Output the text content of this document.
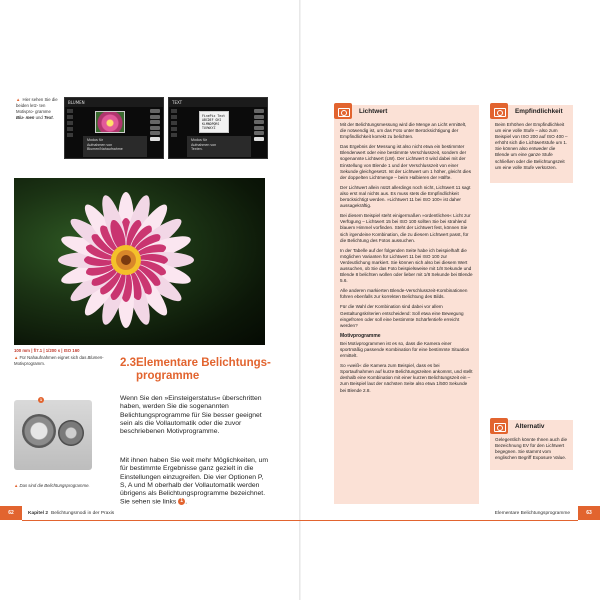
▲ Hier sehen Sie die beiden letz- ten Motivpro- gramme Blu- men und Text.
BLUMEN
Modus für
Aufnahmen von
Blumen/Nahaufnahme
TEXT
FinePix Text
ABCDEF GHI
KLMNOPQRS
TUVWXYZ
Modus für
Aufnahmen von
Texten.
100 mm | f/7.1 | 1/200 s | ISO 160
▲ Für Nahaufnahmen eignet sich das Blumen-Motivprogramm.
1
▲ Das sind die Belichtungsprogramme.
2.3 Elementare Belichtungs- programme
Wenn Sie den »Einsteigerstatus« überschritten haben, werden Sie die sogenannten Belichtungsprogramme für Sie besser geeignet sein als die Vollautomatik oder die zuvor beschriebenen Motivprogramme.
Mit ihnen haben Sie weit mehr Möglichkeiten, um für bestimmte Ergebnisse ganz gezielt in die Einstellungen einzugreifen. Die vier Optionen P, S, A und M oberhalb der Vollautomatik werden übrigens als Belichtungsprogramme bezeichnet. Sie sehen sie links 1 .
62	Kapitel 2 Belichtungsmodi in der Praxis
Lichtwert

Mit der Belichtungsmessung wird die Menge an Licht ermittelt, die notwendig ist, um das Foto unter Berücksichtigung der Empfindlichkeit korrekt zu belichten.

Das Ergebnis der Messung ist also nicht etwa ein bestimmter Blendenwert oder eine bestimmte Verschlusszeit, sondern der sogenannte Lichtwert (LW). Der Lichtwert 0 wird dabei mit der Einstellung von Blende 1 und der Verschlusszeit von einer Sekunde gleichgesetzt. Ist der Lichtwert um 1 höher, gleicht dies der doppelten Lichtmenge – beim Halbieren der Hälfte.

Der Lichtwert allein nützt allerdings noch nicht, Lichtwert 11 sagt also erst mal nichts aus. Es muss stets die Empfindlichkeit berücksichtigt werden. »Lichtwert 11 bei ISO 100« ist daher aussagekräftig.

Bei diesem Beispiel steht einigermaßen »ordentliches« Licht zur Verfügung – Lichtwert 15 bei ISO 100 sollten Sie bei strahlend blauem Himmel vorfinden. Steht der Lichtwert fest, können Sie sich irgendeine Kombination, die zu diesem Lichtwert passt, für die Belichtung des Fotos aussuchen.

In der Tabelle auf der folgenden Seite habe ich beispielhaft die möglichen Varianten für Lichtwert 11 bei ISO 100 zur Verdeutlichung markiert. Sie können sich also bei diesem Wert aussuchen, ob Sie das Foto beispielsweise mit 1/8 Sekunde und Blende 8 belichten wollen oder lieber mit 1/8 Sekunde bei Blende 5.6.

Alle anderen markierten Blende-Verschlusszeit-Kombinationen führen ebenfalls zur korrekten Belichtung des Bilds.

Für die Wahl der Kombination sind dabei vor allem Gestaltungskriterien entscheidend: Soll etwa eine Bewegung eingefroren oder soll eine bestimmte Schärfentiefe erreicht werden?

Motivprogramme

Bei Motivprogrammen ist es so, dass die Kamera einer sportmäßig passende Kombination für eine bestimmte Situation ermittelt.

So »weiß« die Kamera zum Beispiel, dass es bei Sportaufnahmen auf kurze Belichtungszeiten ankommt, und stellt deshalb eine Kombination mit einer kurzen Belichtungszeit ein – zum Beispiel laut der nächsten Seite also etwa 1/500 Sekunde bei Blende 2.8.

Empfindlichkeit

Beim Erhöhen der Empfindlichkeit um eine volle Stufe – also zum Beispiel von ISO 200 auf ISO 400 – erhöht sich die Lichtwertstufe um 1. Sie können also entweder die Blende um eine ganze Stufe schließen oder die Belichtungszeit um eine volle Stufe verkürzen.

Alternativ

Gelegentlich könnte Ihnen auch die Bezeichnung EV für den Lichtwert begegnen. Sie stammt vom englischen Begriff Exposure Value.

Elementare Belichtungsprogramme	63
